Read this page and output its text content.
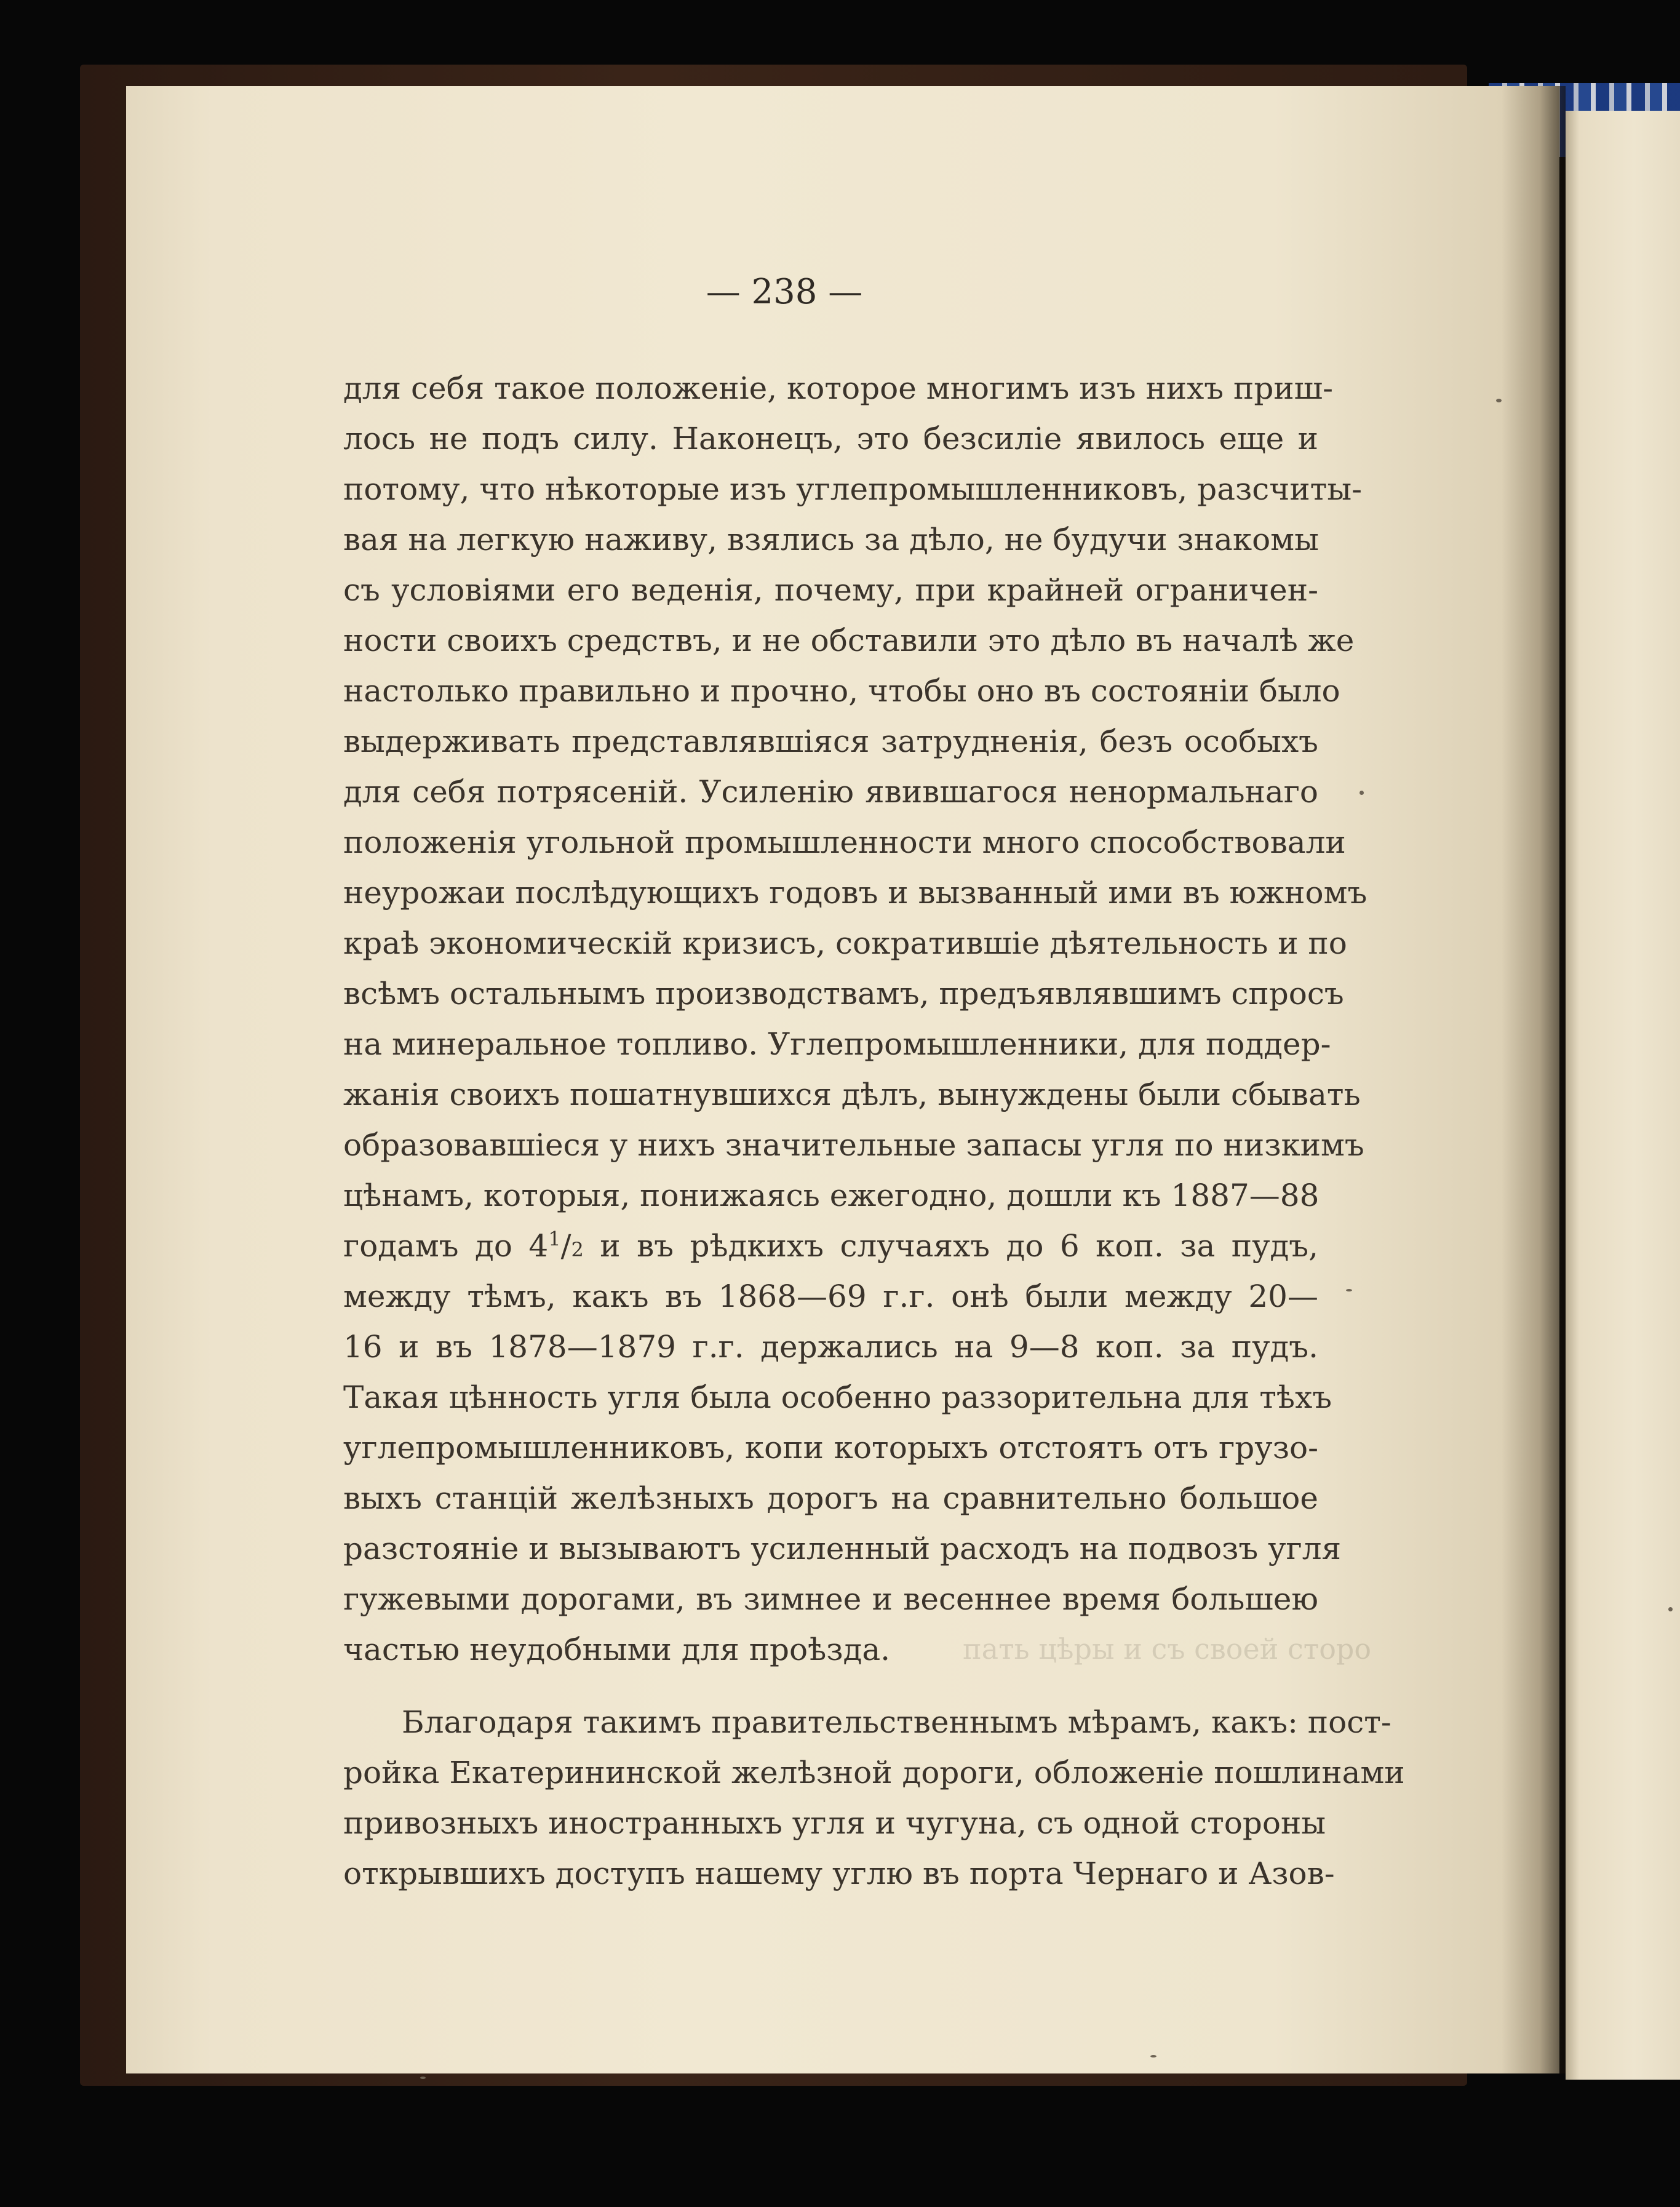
— 238 —
пать цѣры и съ своей сторо
для себя такое положеніе, которое многимъ изъ нихъ приш-
лось не подъ силу. Наконецъ, это безсиліе явилось еще и
потому, что нѣкоторые изъ углепромышленниковъ, разсчиты-
вая на легкую наживу, взялись за дѣло, не будучи знакомы
съ условіями его веденія, почему, при крайней ограничен-
ности своихъ средствъ, и не обставили это дѣло въ началѣ же
настолько правильно и прочно, чтобы оно въ состояніи было
выдерживать представлявшіяся затрудненія, безъ особыхъ
для себя потрясеній. Усиленію явившагося ненормальнаго
положенія угольной промышленности много способствовали
неурожаи послѣдующихъ годовъ и вызванный ими въ южномъ
краѣ экономическій кризисъ, сократившіе дѣятельность и по
всѣмъ остальнымъ производствамъ, предъявлявшимъ спросъ
на минеральное топливо. Углепромышленники, для поддер-
жанія своихъ пошатнувшихся дѣлъ, вынуждены были сбывать
образовавшіеся у нихъ значительные запасы угля по низкимъ
цѣнамъ, которыя, понижаясь ежегодно, дошли къ 1887—88
годамъ до $4^1/2$ и въ рѣдкихъ случаяхъ до 6 коп. за пудъ,
между тѣмъ, какъ въ 1868—69 г.г. онѣ были между 20—
16 и въ 1878—1879 г.г. держались на 9—8 коп. за пудъ.
Такая цѣнность угля была особенно раззорительна для тѣхъ
углепромышленниковъ, копи которыхъ отстоятъ отъ грузо-
выхъ станцій желѣзныхъ дорогъ на сравнительно большое
разстояніе и вызываютъ усиленный расходъ на подвозъ угля
гужевыми дорогами, въ зимнее и весеннее время большею
частью неудобными для проѣзда.
Благодаря такимъ правительственнымъ мѣрамъ, какъ: пост-
ройка Екатерининской желѣзной дороги, обложеніе пошлинами
привозныхъ иностранныхъ угля и чугуна, съ одной стороны
открывшихъ доступъ нашему углю въ порта Чернаго и Азов-
